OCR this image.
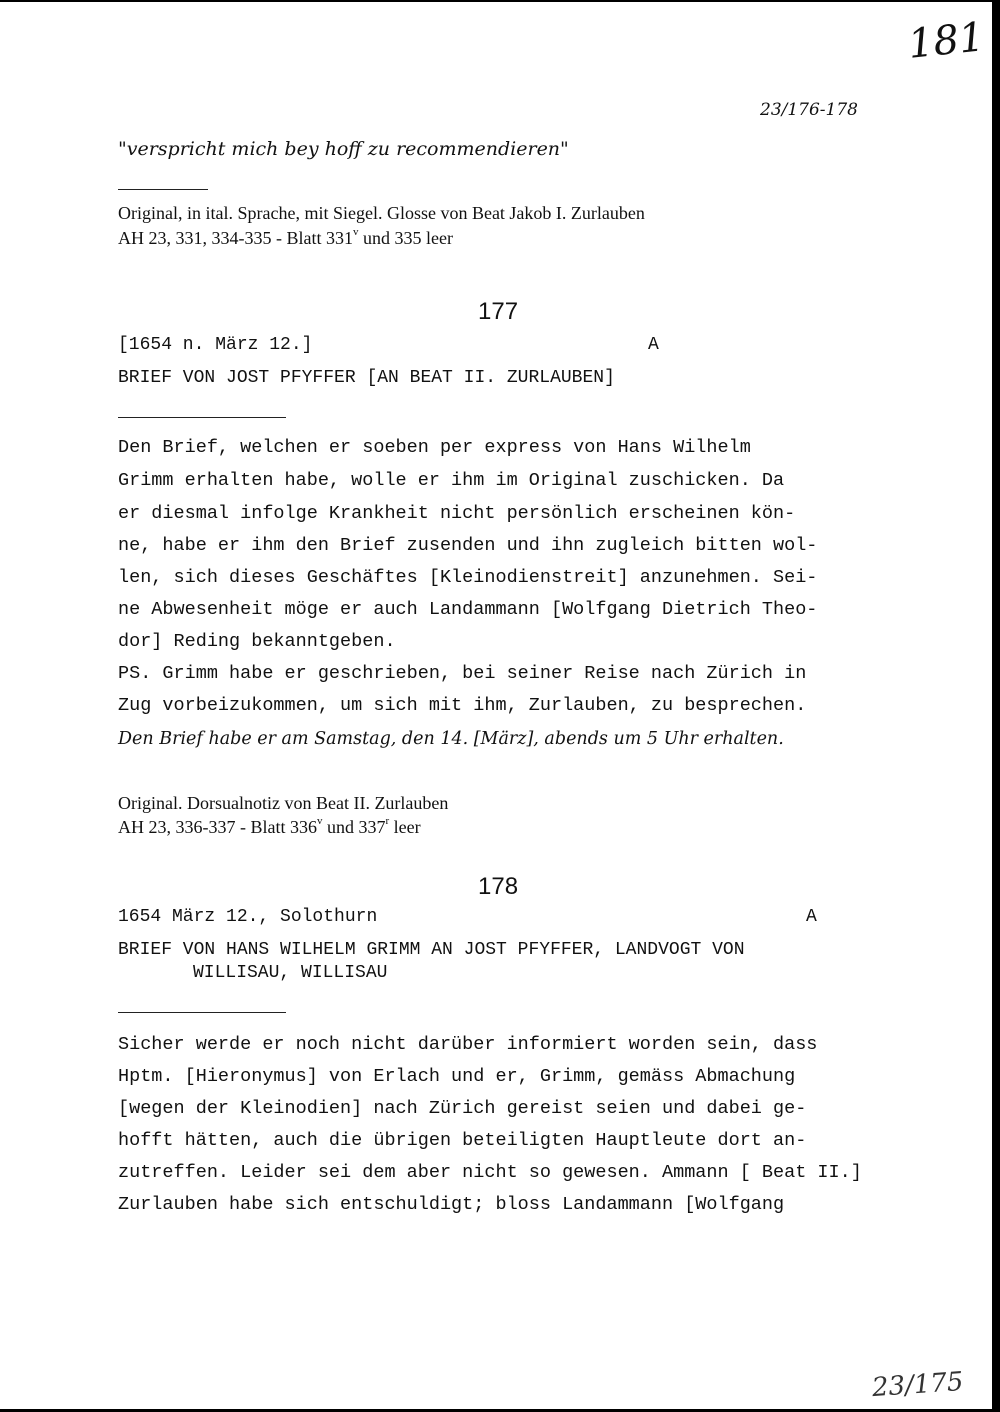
181
23/176-178
"verspricht mich bey hoff zu recommendieren"
Original, in ital. Sprache, mit Siegel. Glosse von Beat Jakob I. Zurlauben
AH 23, 331, 334-335 - Blatt 331$^v$ und 335 leer
177
[1654 n. März 12.]	A
BRIEF VON JOST PFYFFER [AN BEAT II. ZURLAUBEN]
Den Brief, welchen er soeben per express von Hans Wilhelm
Grimm erhalten habe, wolle er ihm im Original zuschicken. Da
er diesmal infolge Krankheit nicht persönlich erscheinen kön-
ne, habe er ihm den Brief zusenden und ihn zugleich bitten wol-
len, sich dieses Geschäftes [Kleinodienstreit] anzunehmen. Sei-
ne Abwesenheit möge er auch Landammann [Wolfgang Dietrich Theo-
dor] Reding bekanntgeben.
PS. Grimm habe er geschrieben, bei seiner Reise nach Zürich in
Zug vorbeizukommen, um sich mit ihm, Zurlauben, zu besprechen.
Den Brief habe er am Samstag, den 14. [März], abends um 5 Uhr erhalten.
Original. Dorsualnotiz von Beat II. Zurlauben
AH 23, 336-337 - Blatt 336$^v$ und 337$^r$ leer
178
1654 März 12., Solothurn	A
BRIEF VON HANS WILHELM GRIMM AN JOST PFYFFER, LANDVOGT VON
WILLISAU, WILLISAU
Sicher werde er noch nicht darüber informiert worden sein, dass
Hptm. [Hieronymus] von Erlach und er, Grimm, gemäss Abmachung
[wegen der Kleinodien] nach Zürich gereist seien und dabei ge-
hofft hätten, auch die übrigen beteiligten Hauptleute dort an-
zutreffen. Leider sei dem aber nicht so gewesen. Ammann [ Beat II.]
Zurlauben habe sich entschuldigt; bloss Landammann [Wolfgang
23/175
